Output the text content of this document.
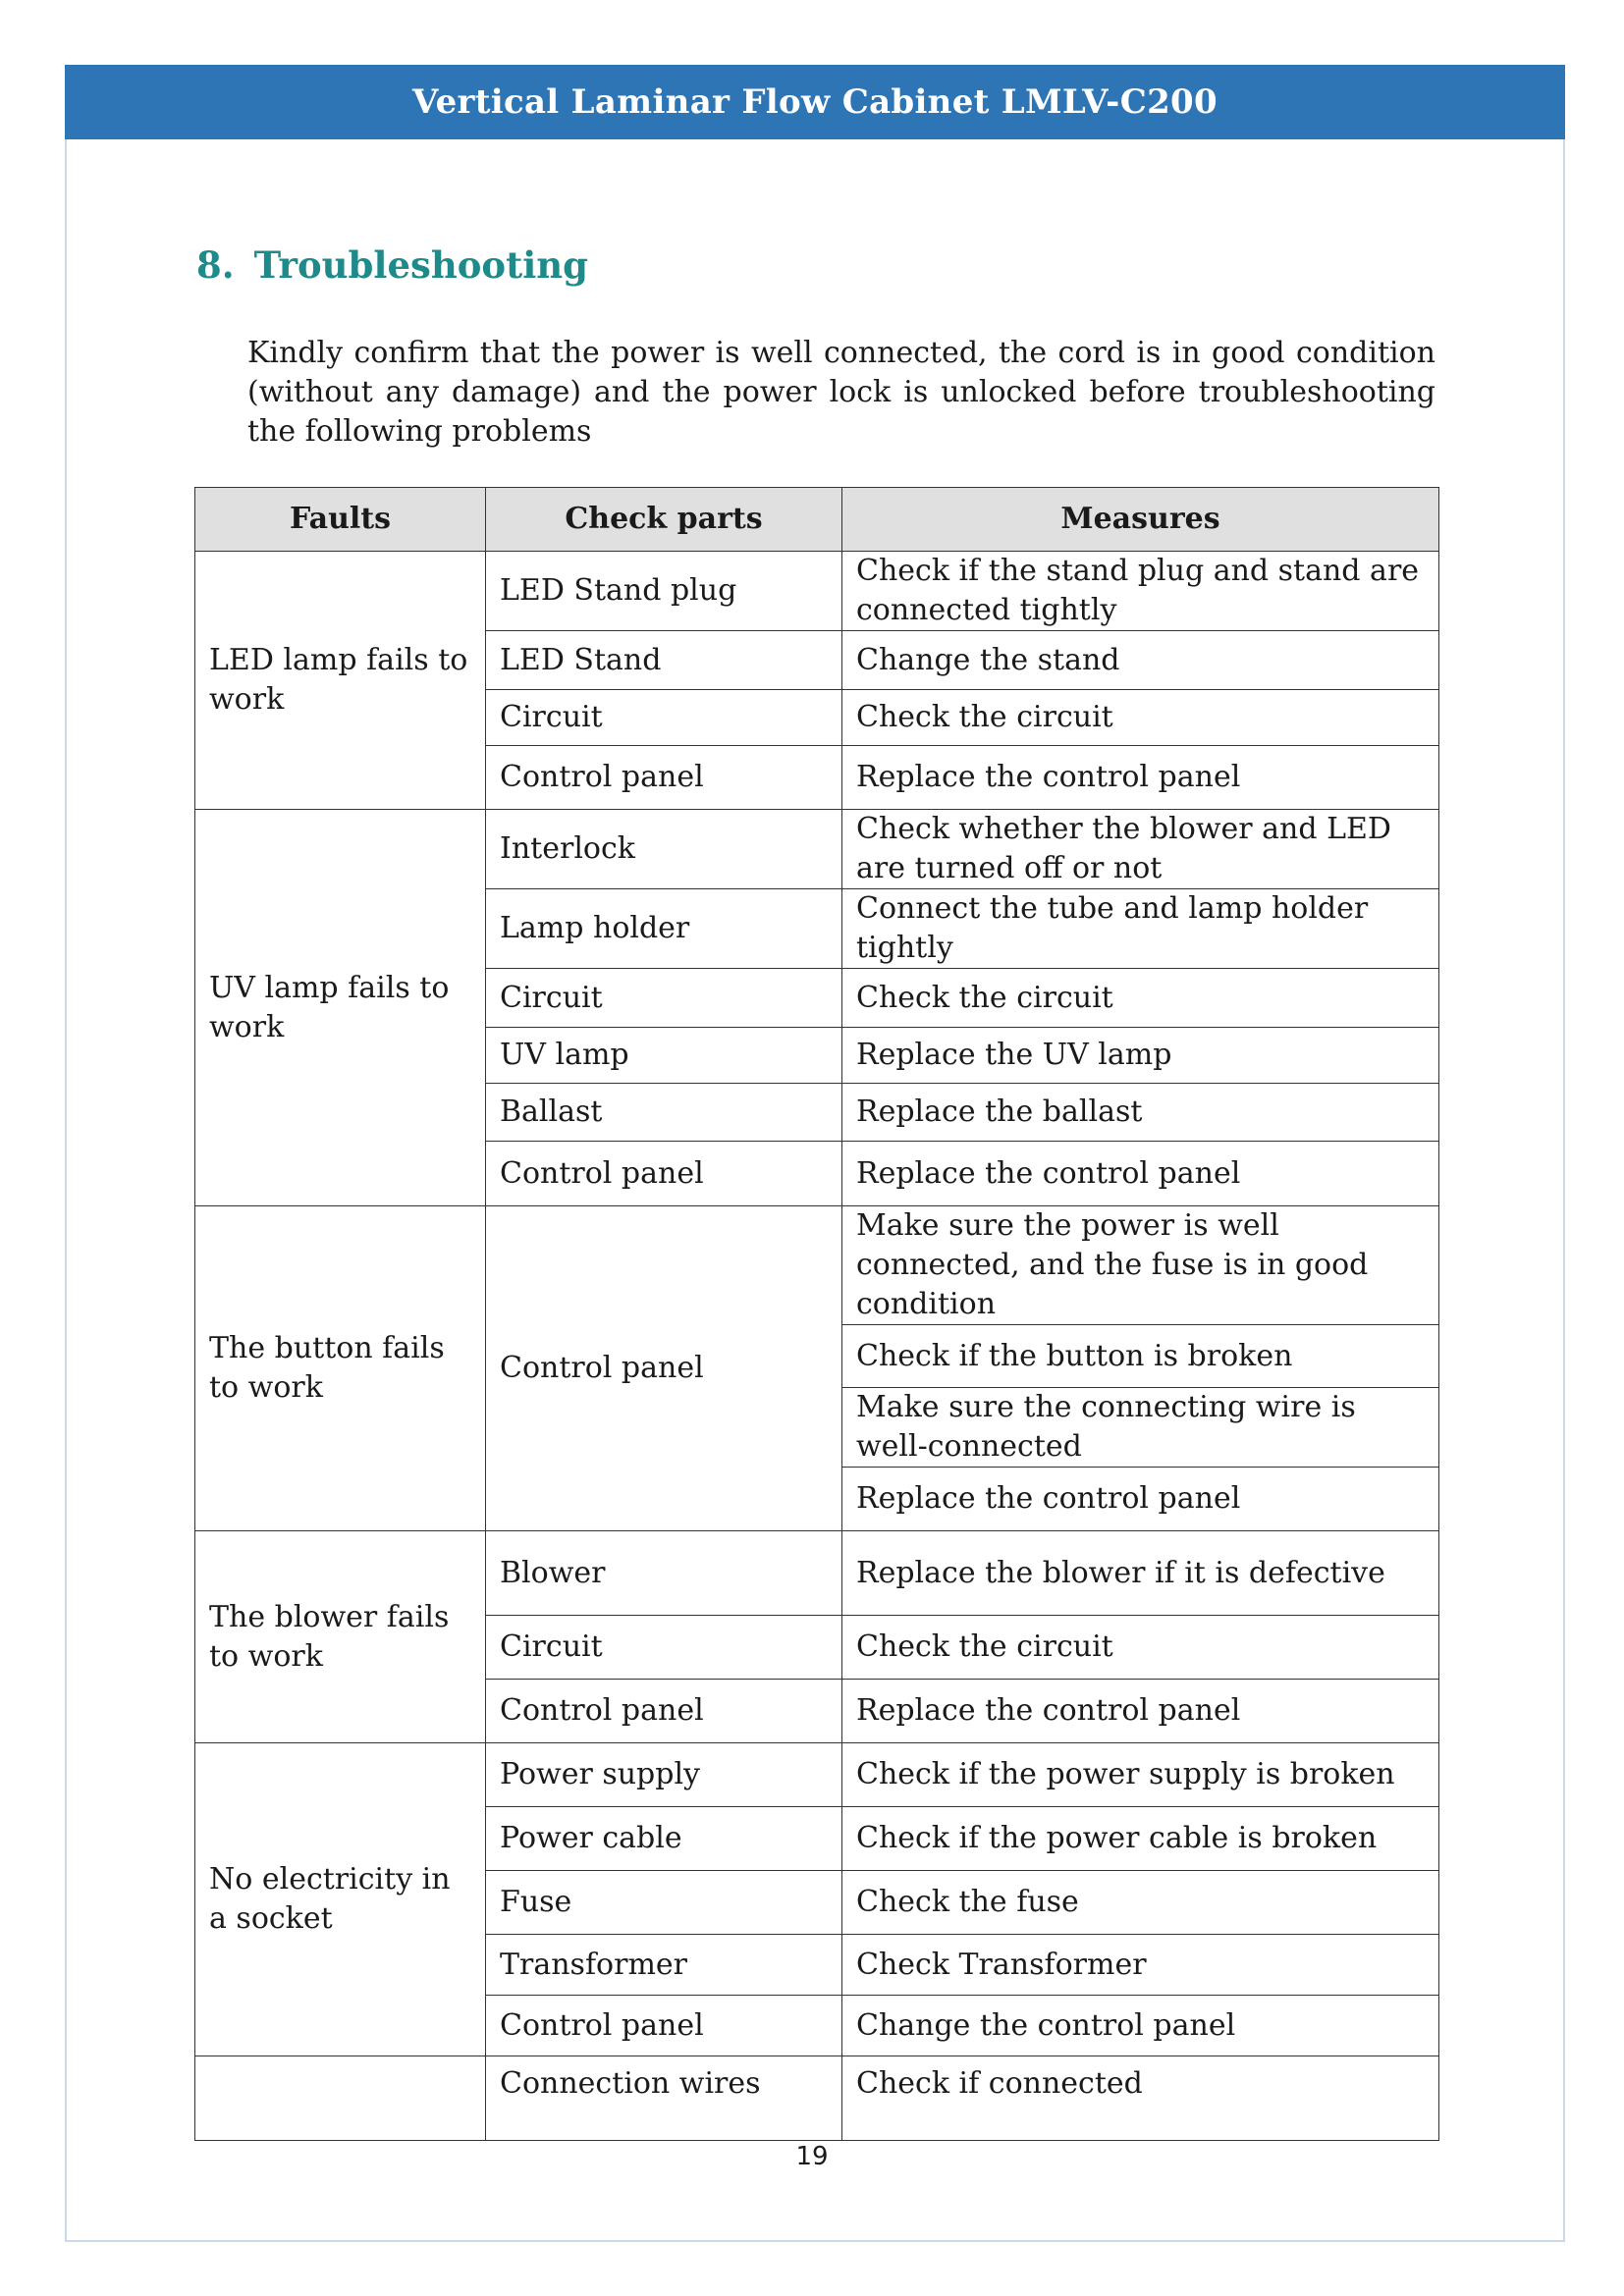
Vertical Laminar Flow Cabinet LMLV-C200
8. Troubleshooting
Kindly confirm that the power is well connected, the cord is in good condition (without any damage) and the power lock is unlocked before troubleshooting the following problems
Faults	Check parts	Measures
LED lamp fails to work	LED Stand plug	Check if the stand plug and stand are connected tightly
	LED Stand	Change the stand
	Circuit	Check the circuit
	Control panel	Replace the control panel
UV lamp fails to work	Interlock	Check whether the blower and LED are turned off or not
	Lamp holder	Connect the tube and lamp holder tightly
	Circuit	Check the circuit
	UV lamp	Replace the UV lamp
	Ballast	Replace the ballast
	Control panel	Replace the control panel
The button fails to work	Control panel	Make sure the power is well connected, and the fuse is in good condition
		Check if the button is broken
		Make sure the connecting wire is well-connected
		Replace the control panel
The blower fails to work	Blower	Replace the blower if it is defective
	Circuit	Check the circuit
	Control panel	Replace the control panel
No electricity in a socket	Power supply	Check if the power supply is broken
	Power cable	Check if the power cable is broken
	Fuse	Check the fuse
	Transformer	Check Transformer
	Control panel	Change the control panel
	Connection wires	Check if connected
19
